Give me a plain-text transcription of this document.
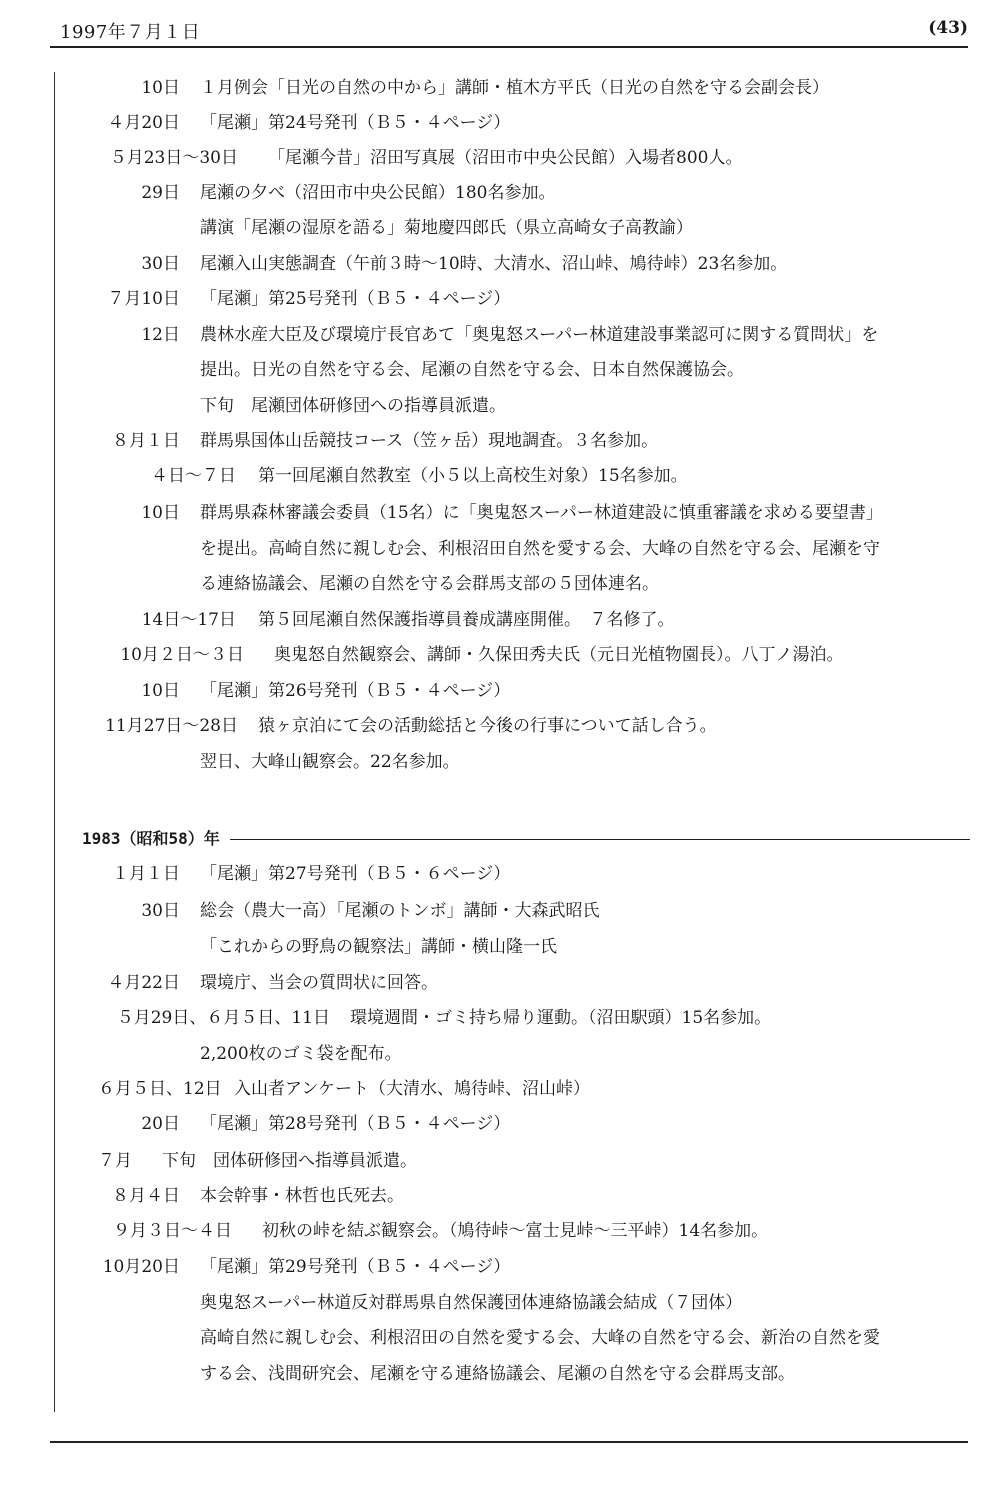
1997年７月１日	(43)
10日 １月例会「日光の自然の中から」講師・植木方平氏（日光の自然を守る会副会長）
４月20日 「尾瀬」第24号発刊（Ｂ５・４ページ）
５月23日～30日 「尾瀬今昔」沼田写真展（沼田市中央公民館）入場者800人。
29日 尾瀬の夕べ（沼田市中央公民館）180名参加。
講演「尾瀬の湿原を語る」菊地慶四郎氏（県立高崎女子高教諭）
30日 尾瀬入山実態調査（午前３時～10時、大清水、沼山峠、鳩待峠）23名参加。
７月10日 「尾瀬」第25号発刊（Ｂ５・４ページ）
12日 農林水産大臣及び環境庁長官あて「奥鬼怒スーパー林道建設事業認可に関する質問状」を
提出。日光の自然を守る会、尾瀬の自然を守る会、日本自然保護協会。
下旬　尾瀬団体研修団への指導員派遣。
８月１日 群馬県国体山岳競技コース（笠ヶ岳）現地調査。３名参加。
４日～７日 第一回尾瀬自然教室（小５以上高校生対象）15名参加。
10日 群馬県森林審議会委員（15名）に「奥鬼怒スーパー林道建設に慎重審議を求める要望書」
を提出。高崎自然に親しむ会、利根沼田自然を愛する会、大峰の自然を守る会、尾瀬を守
る連絡協議会、尾瀬の自然を守る会群馬支部の５団体連名。
14日～17日 第５回尾瀬自然保護指導員養成講座開催。　７名修了。
10月２日～３日 奥鬼怒自然観察会、講師・久保田秀夫氏（元日光植物園長）。八丁ノ湯泊。
10日 「尾瀬」第26号発刊（Ｂ５・４ページ）
11月27日～28日 猿ヶ京泊にて会の活動総括と今後の行事について話し合う。
翌日、大峰山観察会。22名参加。
1983（昭和58）年
１月１日 「尾瀬」第27号発刊（Ｂ５・６ページ）
30日 総会（農大一高）「尾瀬のトンボ」講師・大森武昭氏
「これからの野鳥の観察法」講師・横山隆一氏
４月22日 環境庁、当会の質問状に回答。
５月29日、６月５日、11日 環境週間・ゴミ持ち帰り運動。（沼田駅頭）15名参加。
2,200枚のゴミ袋を配布。
６月５日、12日 入山者アンケート（大清水、鳩待峠、沼山峠）
20日 「尾瀬」第28号発刊（Ｂ５・４ページ）
７月 下旬　団体研修団へ指導員派遣。
８月４日 本会幹事・林哲也氏死去。
９月３日～４日 初秋の峠を結ぶ観察会。（鳩待峠～富士見峠～三平峠）14名参加。
10月20日 「尾瀬」第29号発刊（Ｂ５・４ページ）
奥鬼怒スーパー林道反対群馬県自然保護団体連絡協議会結成（７団体）
高崎自然に親しむ会、利根沼田の自然を愛する会、大峰の自然を守る会、新治の自然を愛
する会、浅間研究会、尾瀬を守る連絡協議会、尾瀬の自然を守る会群馬支部。
